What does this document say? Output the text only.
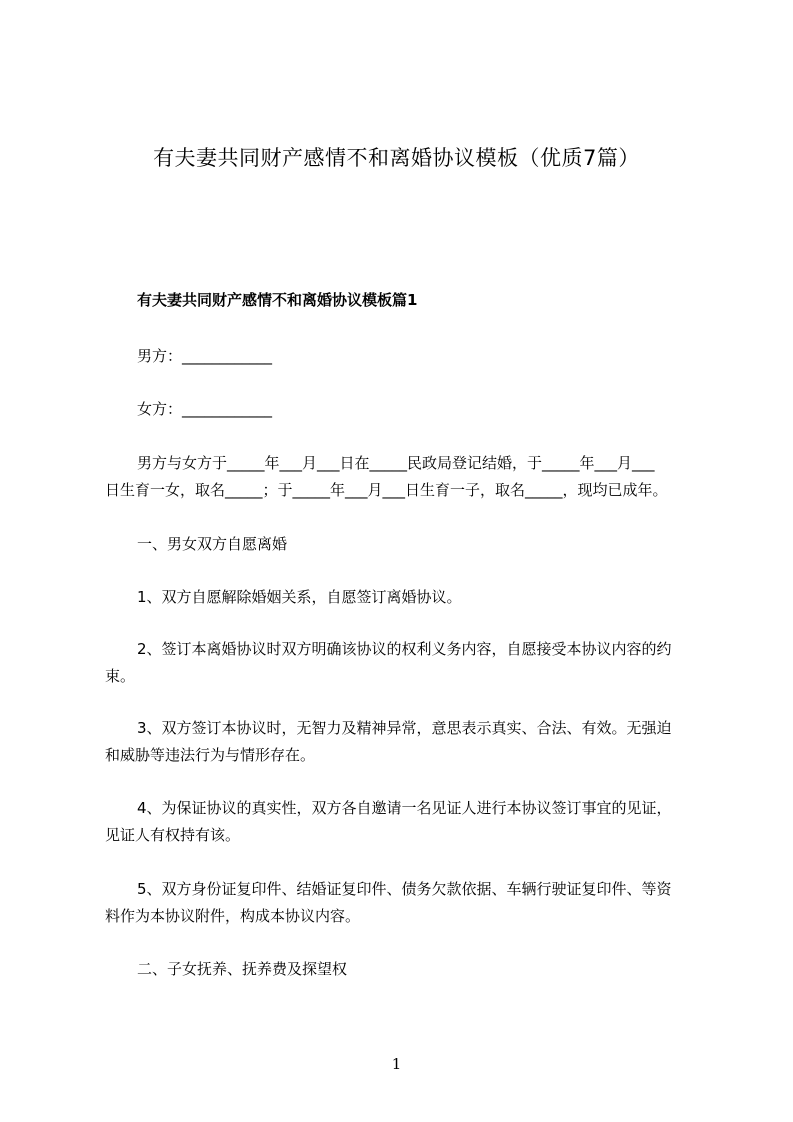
有夫妻共同财产感情不和离婚协议模板（优质7篇）
有夫妻共同财产感情不和离婚协议模板篇1

男方：____________

女方：____________

男方与女方于_____年___月___日在_____民政局登记结婚，于_____年___月___

日生育一女，取名_____；于_____年___月___日生育一子，取名_____，现均已成年。

一、男女双方自愿离婚

1、双方自愿解除婚姻关系，自愿签订离婚协议。

2、签订本离婚协议时双方明确该协议的权利义务内容，自愿接受本协议内容的约

束。

3、双方签订本协议时，无智力及精神异常，意思表示真实、合法、有效。无强迫

和威胁等违法行为与情形存在。

4、为保证协议的真实性，双方各自邀请一名见证人进行本协议签订事宜的见证，

见证人有权持有该。

5、双方身份证复印件、结婚证复印件、债务欠款依据、车辆行驶证复印件、等资

料作为本协议附件，构成本协议内容。

二、子女抚养、抚养费及探望权

1
